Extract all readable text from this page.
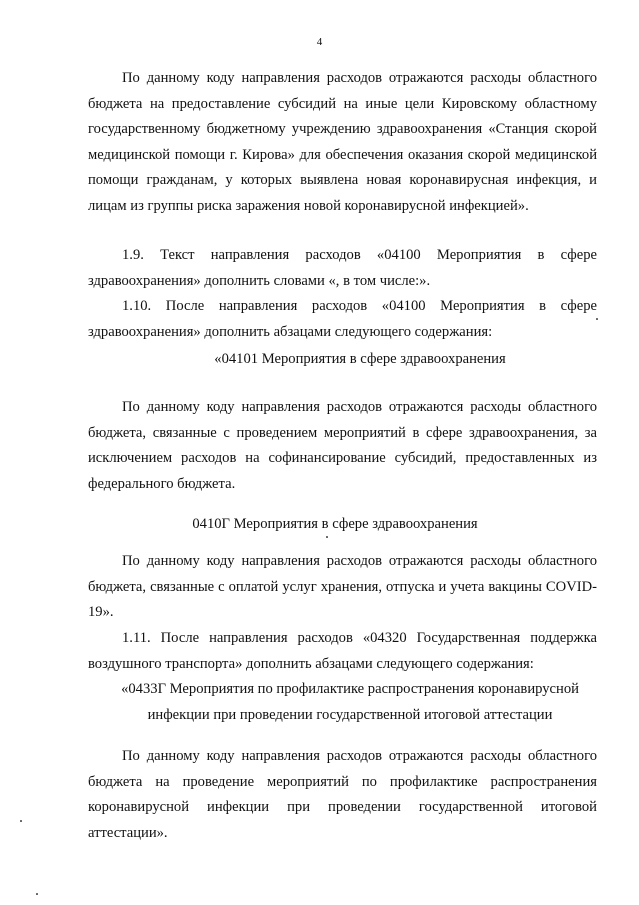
4

По данному коду направления расходов отражаются расходы областного бюджета на предоставление субсидий на иные цели Кировскому областному государственному бюджетному учреждению здравоохранения «Станция скорой медицинской помощи г. Кирова» для обеспечения оказания скорой медицинской помощи гражданам, у которых выявлена новая коронавирусная инфекция, и лицам из группы риска заражения новой коронавирусной инфекцией».

1.9. Текст направления расходов «04100 Мероприятия в сфере здравоохранения» дополнить словами «, в том числе:».

1.10. После направления расходов «04100 Мероприятия в сфере здравоохранения» дополнить абзацами следующего содержания:

«04101 Мероприятия в сфере здравоохранения

По данному коду направления расходов отражаются расходы областного бюджета, связанные с проведением мероприятий в сфере здравоохранения, за исключением расходов на софинансирование субсидий, предоставленных из федерального бюджета.

0410Г Мероприятия в сфере здравоохранения

По данному коду направления расходов отражаются расходы областного бюджета, связанные с оплатой услуг хранения, отпуска и учета вакцины COVID-19».

1.11. После направления расходов «04320 Государственная поддержка воздушного транспорта» дополнить абзацами следующего содержания:

«0433Г Мероприятия по профилактике распространения коронавирусной инфекции при проведении государственной итоговой аттестации

По данному коду направления расходов отражаются расходы областного бюджета на проведение мероприятий по профилактике распространения коронавирусной инфекции при проведении государственной итоговой аттестации».
